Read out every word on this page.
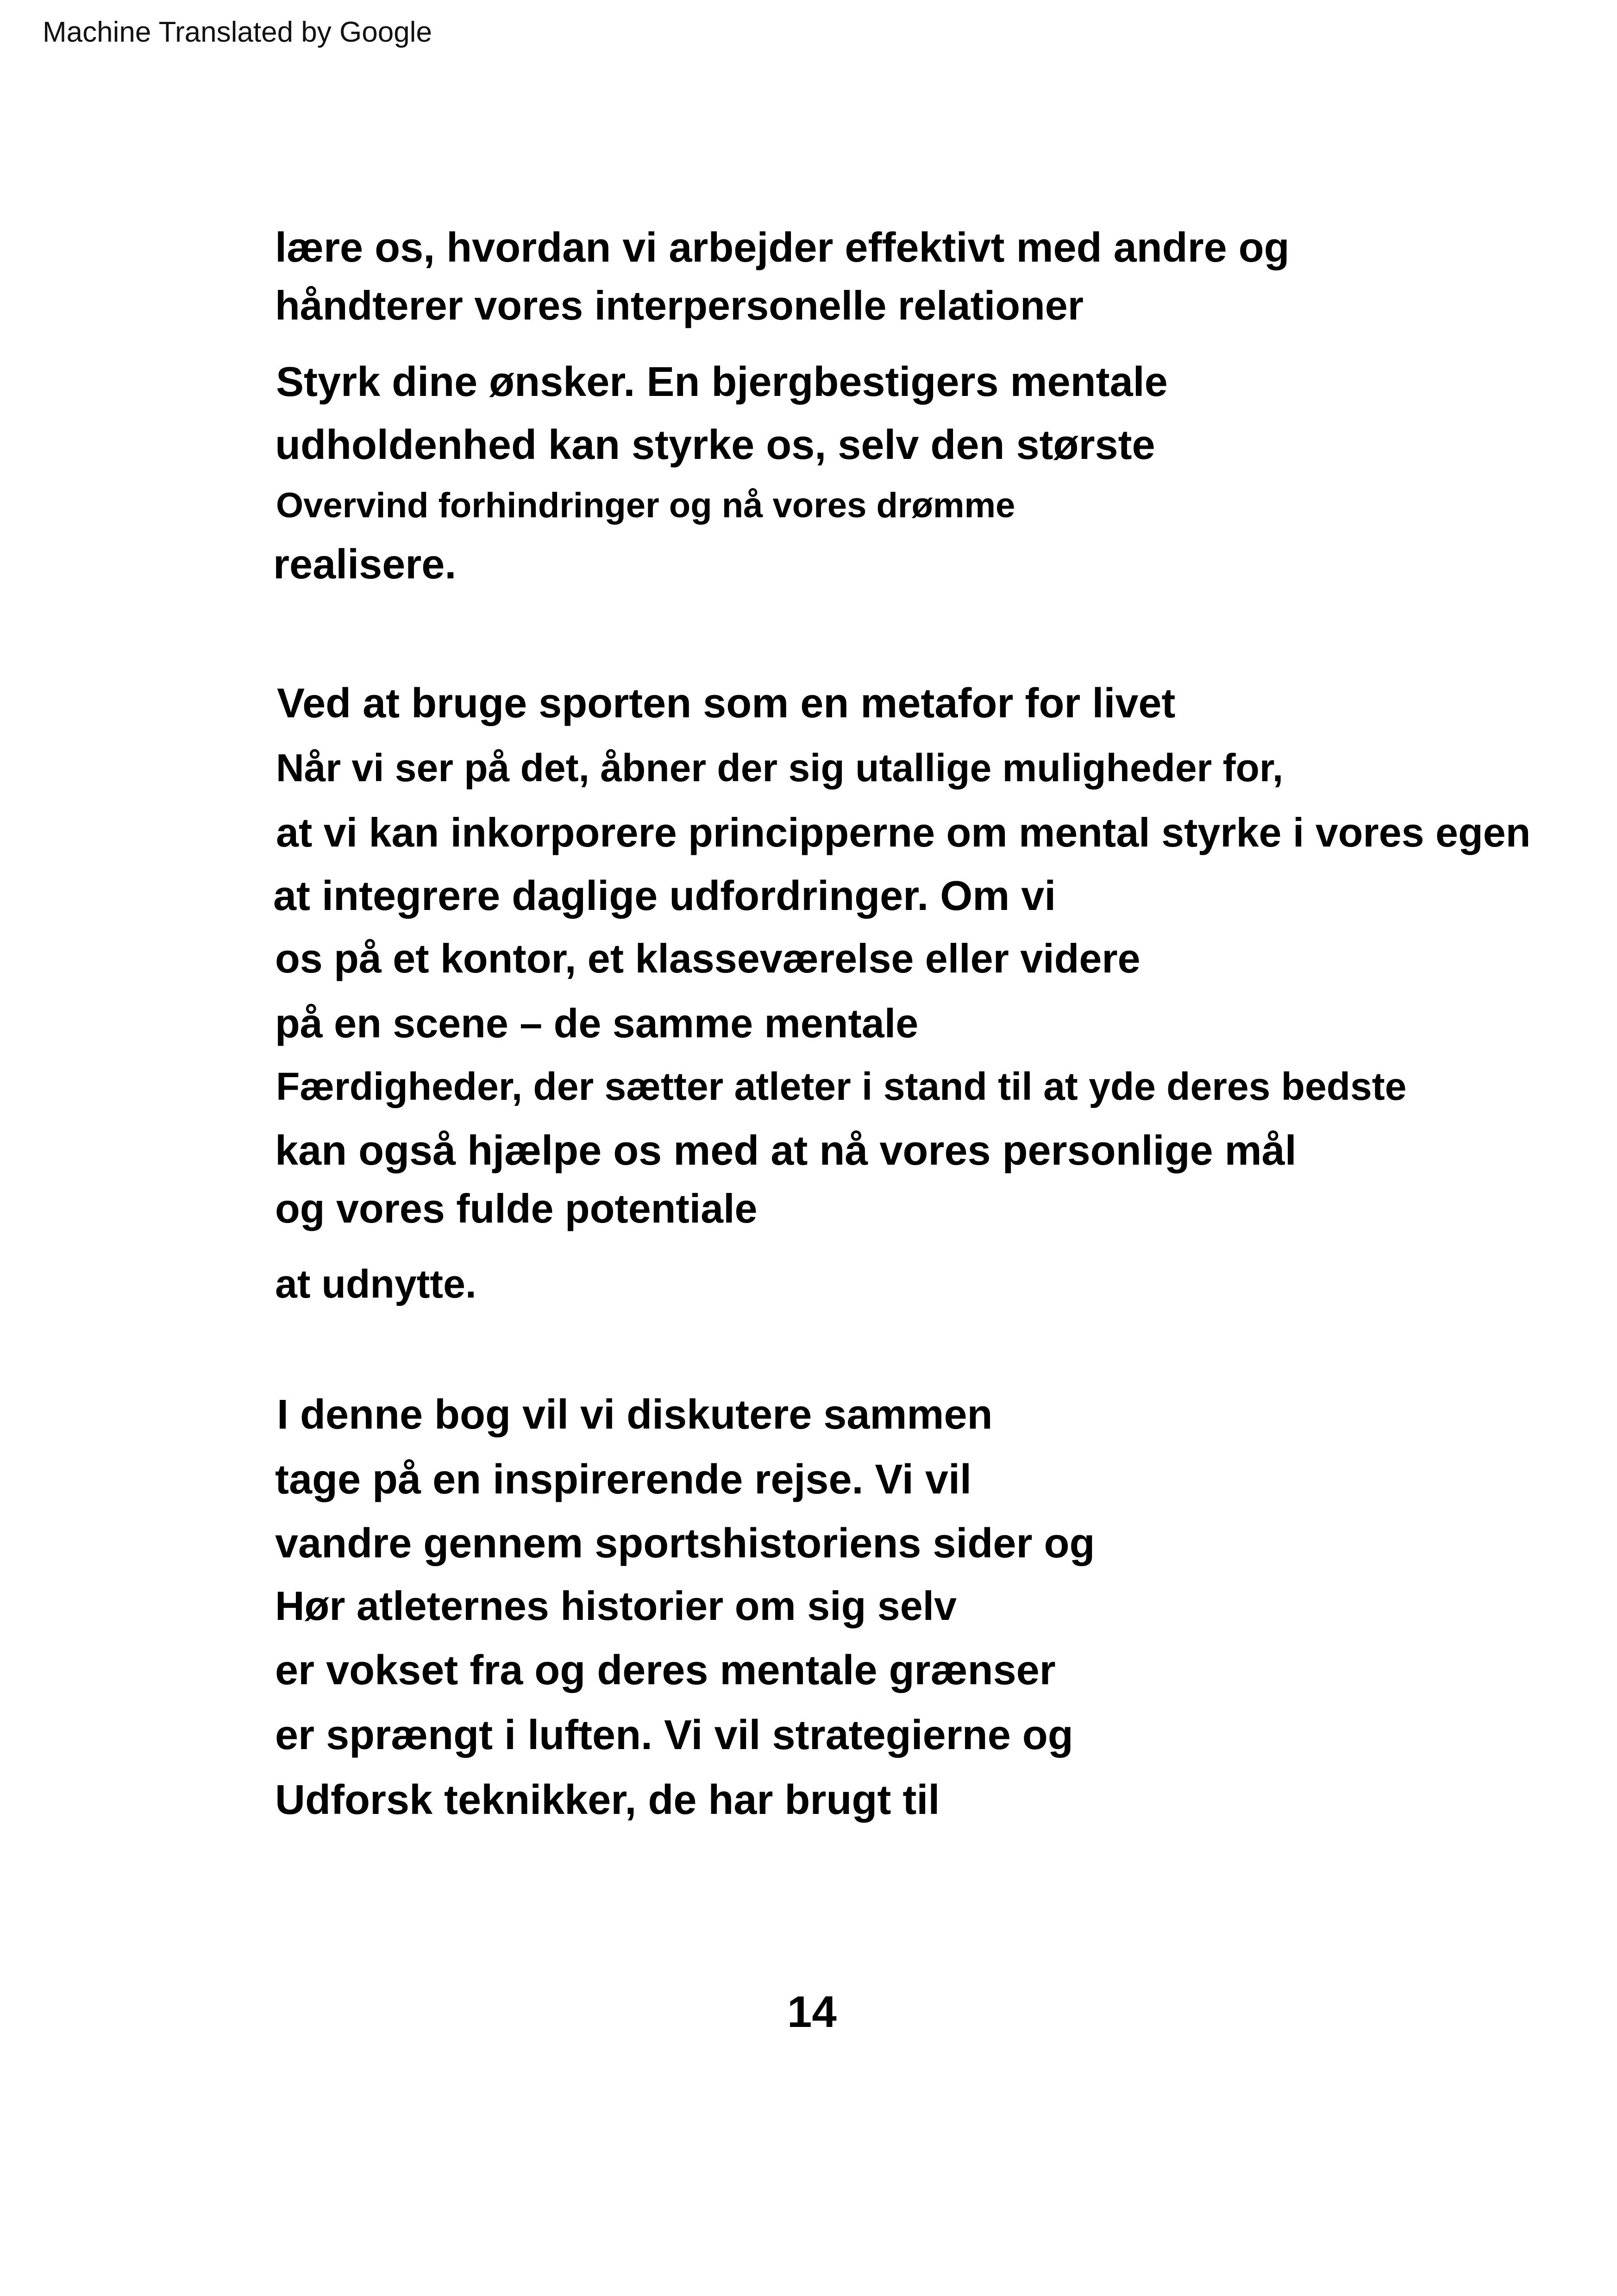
Machine Translated by Google
lære os, hvordan vi arbejder effektivt med andre og
håndterer vores interpersonelle relationer
Styrk dine ønsker. En bjergbestigers mentale
udholdenhed kan styrke os, selv den største
Overvind forhindringer og nå vores drømme
realisere.
Ved at bruge sporten som en metafor for livet
Når vi ser på det, åbner der sig utallige muligheder for,
at vi kan inkorporere principperne om mental styrke i vores egen
at integrere daglige udfordringer. Om vi
os på et kontor, et klasseværelse eller videre
på en scene – de samme mentale
Færdigheder, der sætter atleter i stand til at yde deres bedste
kan også hjælpe os med at nå vores personlige mål
og vores fulde potentiale
at udnytte.
I denne bog vil vi diskutere sammen
tage på en inspirerende rejse. Vi vil
vandre gennem sportshistoriens sider og
Hør atleternes historier om sig selv
er vokset fra og deres mentale grænser
er sprængt i luften. Vi vil strategierne og
Udforsk teknikker, de har brugt til
14
